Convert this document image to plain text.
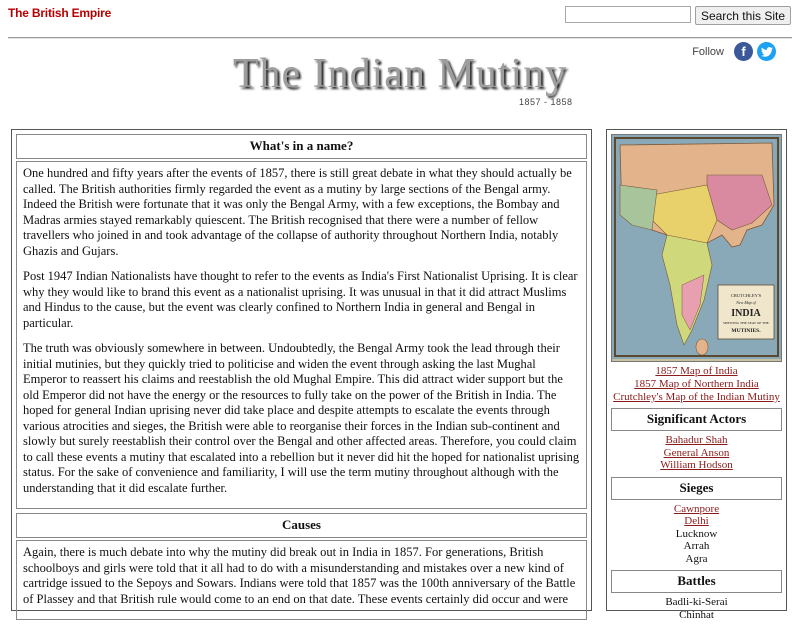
The British Empire	Search this Site
Follow	f
The Indian Mutiny
1857 - 1858
What's in a name?

One hundred and fifty years after the events of 1857, there is still great debate in what they should actually be called. The British authorities firmly regarded the event as a mutiny by large sections of the Bengal army. Indeed the British were fortunate that it was only the Bengal Army, with a few exceptions, the Bombay and Madras armies stayed remarkably quiescent. The British recognised that there were a number of fellow travellers who joined in and took advantage of the collapse of authority throughout Northern India, notably Ghazis and Gujars.

Post 1947 Indian Nationalists have thought to refer to the events as India's First Nationalist Uprising. It is clear why they would like to brand this event as a nationalist uprising. It was unusual in that it did attract Muslims and Hindus to the cause, but the event was clearly confined to Northern India in general and Bengal in particular.

The truth was obviously somewhere in between. Undoubtedly, the Bengal Army took the lead through their initial mutinies, but they quickly tried to politicise and widen the event through asking the last Mughal Emperor to reassert his claims and reestablish the old Mughal Empire. This did attract wider support but the old Emperor did not have the energy or the resources to fully take on the power of the British in India. The hoped for general Indian uprising never did take place and despite attempts to escalate the events through various atrocities and sieges, the British were able to reorganise their forces in the Indian sub-continent and slowly but surely reestablish their control over the Bengal and other affected areas. Therefore, you could claim to call these events a mutiny that escalated into a rebellion but it never did hit the hoped for nationalist uprising status. For the sake of convenience and familiarity, I will use the term mutiny throughout although with the understanding that it did escalate further.

Causes

Again, there is much debate into why the mutiny did break out in India in 1857. For generations, British schoolboys and girls were told that it all had to do with a misunderstanding and mistakes over a new kind of cartridge issued to the Sepoys and Sowars. Indians were told that 1857 was the 100th anniversary of the Battle of Plassey and that British rule would come to an end on that date. These events certainly did occur and were

CRUTCHLEY'S
New Map of
INDIA
SHEWING THE SEAT OF THE
MUTINIES.
1857 Map of India
1857 Map of Northern India
Crutchley's Map of the Indian Mutiny
Significant Actors
Bahadur Shah
General Anson
William Hodson
Sieges
Cawnpore
Delhi
Lucknow
Arrah
Agra
Battles
Badli-ki-Serai
Chinhat
